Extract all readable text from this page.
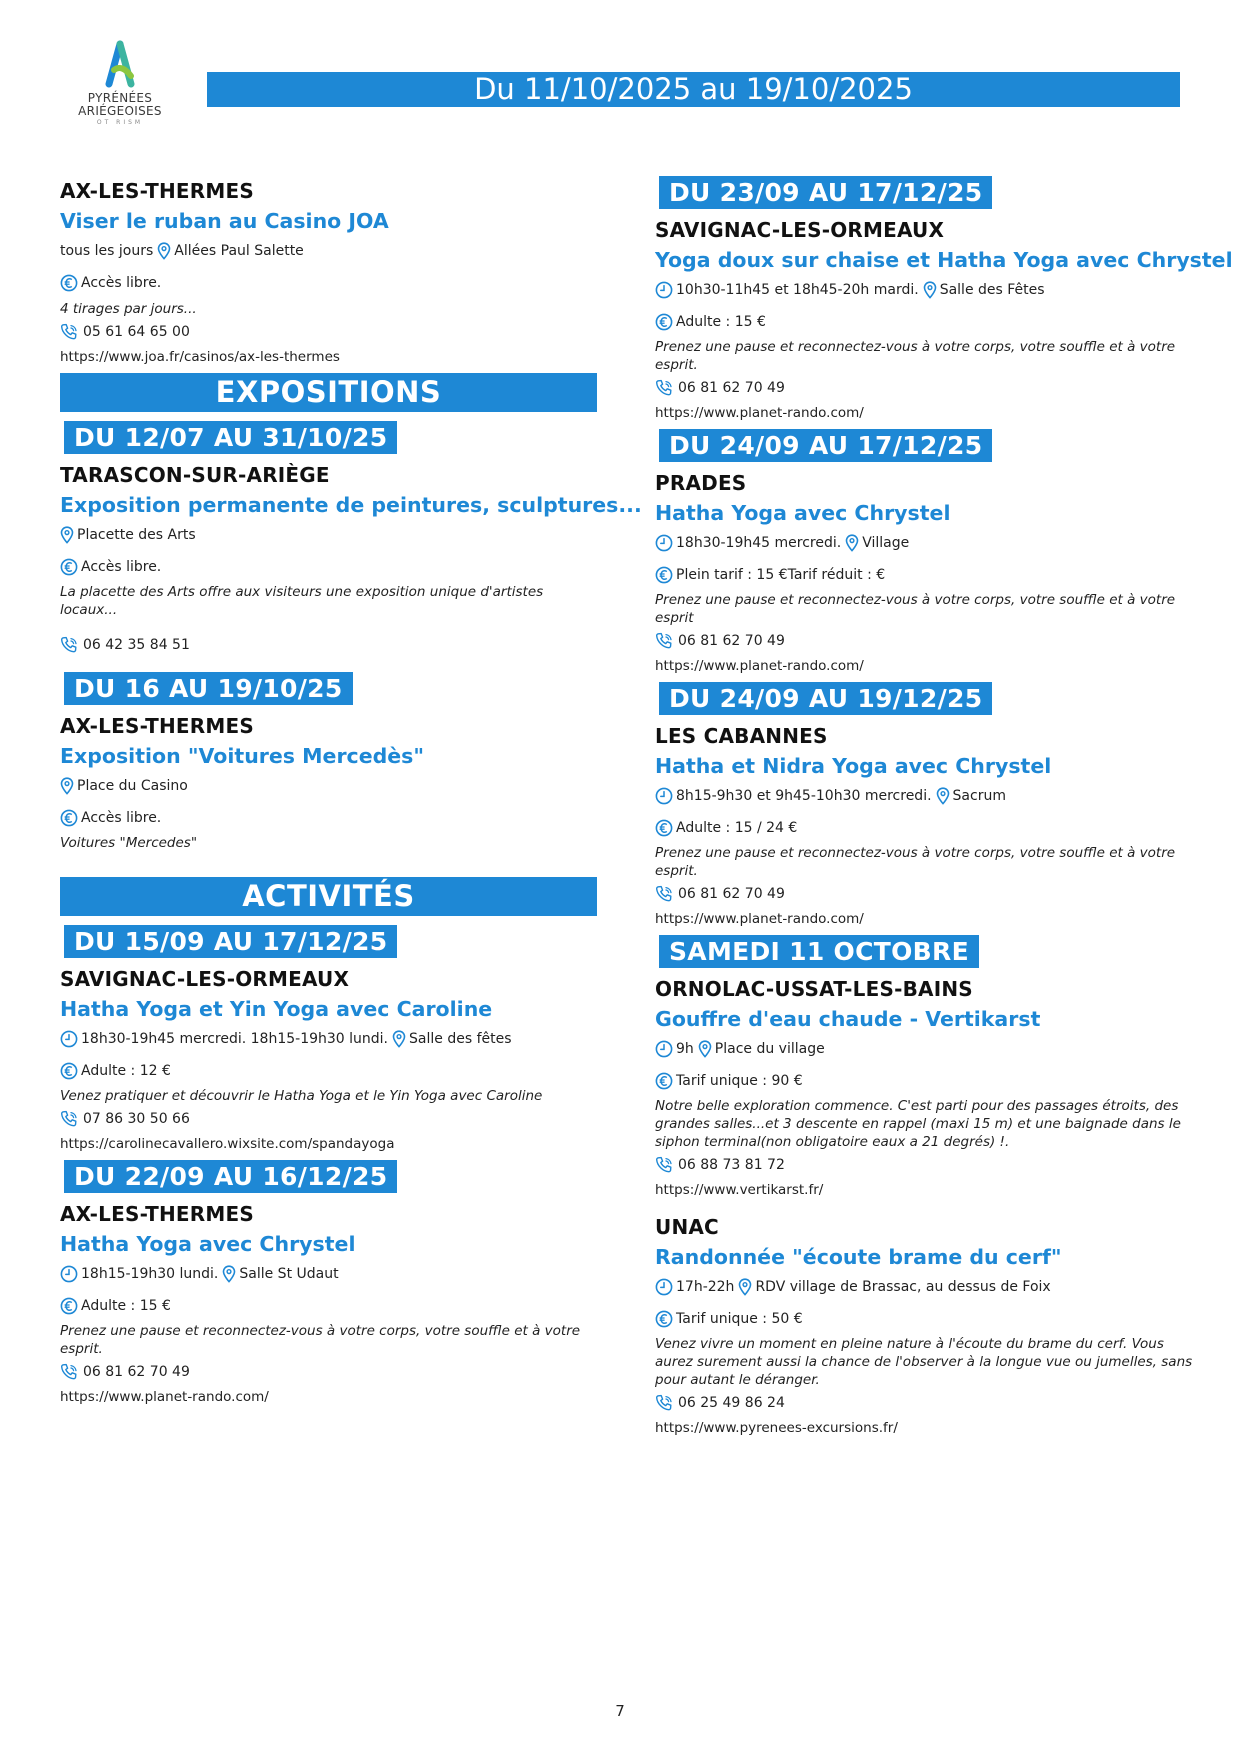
PYRÉNÉES
ARIÉGEOISES
OT RISM
Du 11/10/2025 au 19/10/2025
AX-LES-THERMES
Viser le ruban au Casino JOA
tous les jours Allées Paul Salette
Accès libre.
4 tirages par jours...
05 61 64 65 00
https://www.joa.fr/casinos/ax-les-thermes
EXPOSITIONS
DU 12/07 AU 31/10/25
TARASCON-SUR-ARIÈGE
Exposition permanente de peintures, sculptures...
Placette des Arts
Accès libre.
La placette des Arts offre aux visiteurs une exposition unique d'artistes locaux...
06 42 35 84 51
DU 16 AU 19/10/25
AX-LES-THERMES
Exposition "Voitures Mercedès"
Place du Casino
Accès libre.
Voitures "Mercedes"
ACTIVITÉS
DU 15/09 AU 17/12/25
SAVIGNAC-LES-ORMEAUX
Hatha Yoga et Yin Yoga avec Caroline
18h30-19h45 mercredi. 18h15-19h30 lundi. Salle des fêtes
Adulte : 12 €
Venez pratiquer et découvrir le Hatha Yoga et le Yin Yoga avec Caroline
07 86 30 50 66
https://carolinecavallero.wixsite.com/spandayoga
DU 22/09 AU 16/12/25
AX-LES-THERMES
Hatha Yoga avec Chrystel
18h15-19h30 lundi. Salle St Udaut
Adulte : 15 €
Prenez une pause et reconnectez-vous à votre corps, votre souffle et à votre esprit.
06 81 62 70 49
https://www.planet-rando.com/
DU 23/09 AU 17/12/25
SAVIGNAC-LES-ORMEAUX
Yoga doux sur chaise et Hatha Yoga avec Chrystel
10h30-11h45 et 18h45-20h mardi. Salle des Fêtes
Adulte : 15 €
Prenez une pause et reconnectez-vous à votre corps, votre souffle et à votre esprit.
06 81 62 70 49
https://www.planet-rando.com/
DU 24/09 AU 17/12/25
PRADES
Hatha Yoga avec Chrystel
18h30-19h45 mercredi. Village
Plein tarif : 15 €Tarif réduit : €
Prenez une pause et reconnectez-vous à votre corps, votre souffle et à votre esprit
06 81 62 70 49
https://www.planet-rando.com/
DU 24/09 AU 19/12/25
LES CABANNES
Hatha et Nidra Yoga avec Chrystel
8h15-9h30 et 9h45-10h30 mercredi. Sacrum
Adulte : 15 / 24 €
Prenez une pause et reconnectez-vous à votre corps, votre souffle et à votre esprit.
06 81 62 70 49
https://www.planet-rando.com/
SAMEDI 11 OCTOBRE
ORNOLAC-USSAT-LES-BAINS
Gouffre d'eau chaude - Vertikarst
9h Place du village
Tarif unique : 90 €
Notre belle exploration commence. C'est parti pour des passages étroits, des grandes salles...et 3 descente en rappel (maxi 15 m) et une baignade dans le siphon terminal(non obligatoire eaux a 21 degrés) !.
06 88 73 81 72
https://www.vertikarst.fr/
UNAC
Randonnée "écoute brame du cerf"
17h-22h RDV village de Brassac, au dessus de Foix
Tarif unique : 50 €
Venez vivre un moment en pleine nature à l'écoute du brame du cerf. Vous aurez surement aussi la chance de l'observer à la longue vue ou jumelles, sans pour autant le déranger.
06 25 49 86 24
https://www.pyrenees-excursions.fr/
7
